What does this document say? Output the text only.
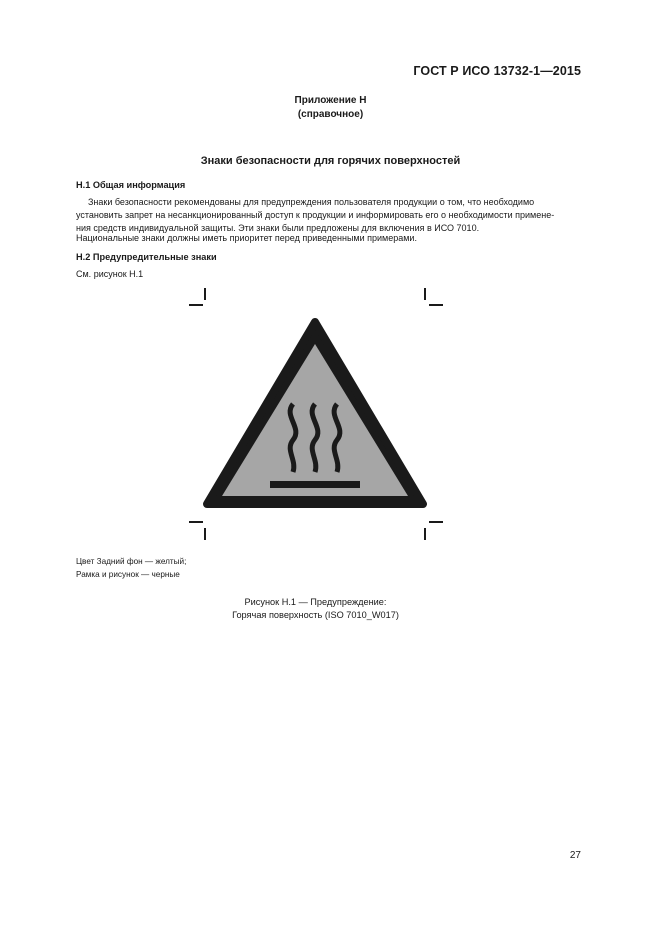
ГОСТ Р ИСО 13732-1—2015
Приложение Н
(справочное)
Знаки безопасности для горячих поверхностей
Н.1 Общая информация
Знаки безопасности рекомендованы для предупреждения пользователя продукции о том, что необходимо
установить запрет на несанкционированный доступ к продукции и информировать его о необходимости примене-
ния средств индивидуальной защиты. Эти знаки были предложены для включения в ИСО 7010.
Национальные знаки должны иметь приоритет перед приведенными примерами.
Н.2 Предупредительные знаки
См. рисунок Н.1
Цвет Задний фон — желтый;
Рамка и рисунок — черные
Рисунок Н.1 — Предупреждение:
Горячая поверхность (ISO 7010_W017)
27
